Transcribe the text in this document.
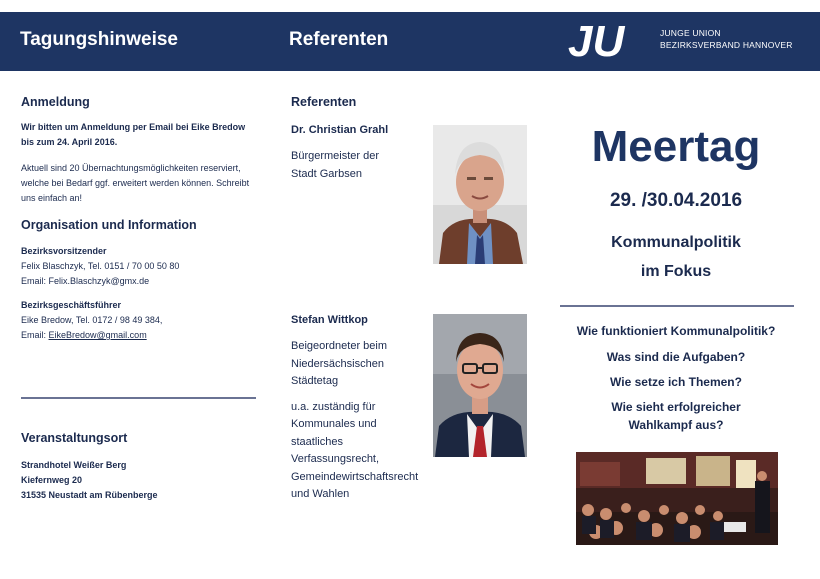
Tagungshinweise	Referenten	JU	JUNGE UNION
BEZIRKSVERBAND HANNOVER

Anmeldung

Wir bitten um Anmeldung per Email bei Eike Bredow bis zum 24. April 2016.

Aktuell sind 20 Übernachtungsmöglichkeiten reserviert, welche bei Bedarf ggf. erweitert werden können. Schreibt uns einfach an!

Organisation und Information

Bezirksvorsitzender

Felix Blaschzyk, Tel. 0151 / 70 00 50 80

Email: Felix.Blaschzyk@gmx.de

Bezirksgeschäftsführer

Eike Bredow, Tel. 0172 / 98 49 384,

Email: EikeBredow@gmail.com

Veranstaltungsort

Strandhotel Weißer Berg

Kiefernweg 20

31535 Neustadt am Rübenberge

Referenten

Dr. Christian Grahl

Bürgermeister der

Stadt Garbsen

Stefan Wittkop

Beigeordneter beim

Niedersächsischen

Städtetag

u.a. zuständig für

Kommunales und

staatliches

Verfassungsrecht,

Gemeindewirtschaftsrecht

und Wahlen

Meertag
29. /30.04.2016
Kommunalpolitik
im Fokus
Wie funktioniert Kommunalpolitik?
Was sind die Aufgaben?
Wie setze ich Themen?
Wie sieht erfolgreicher
Wahlkampf aus?
